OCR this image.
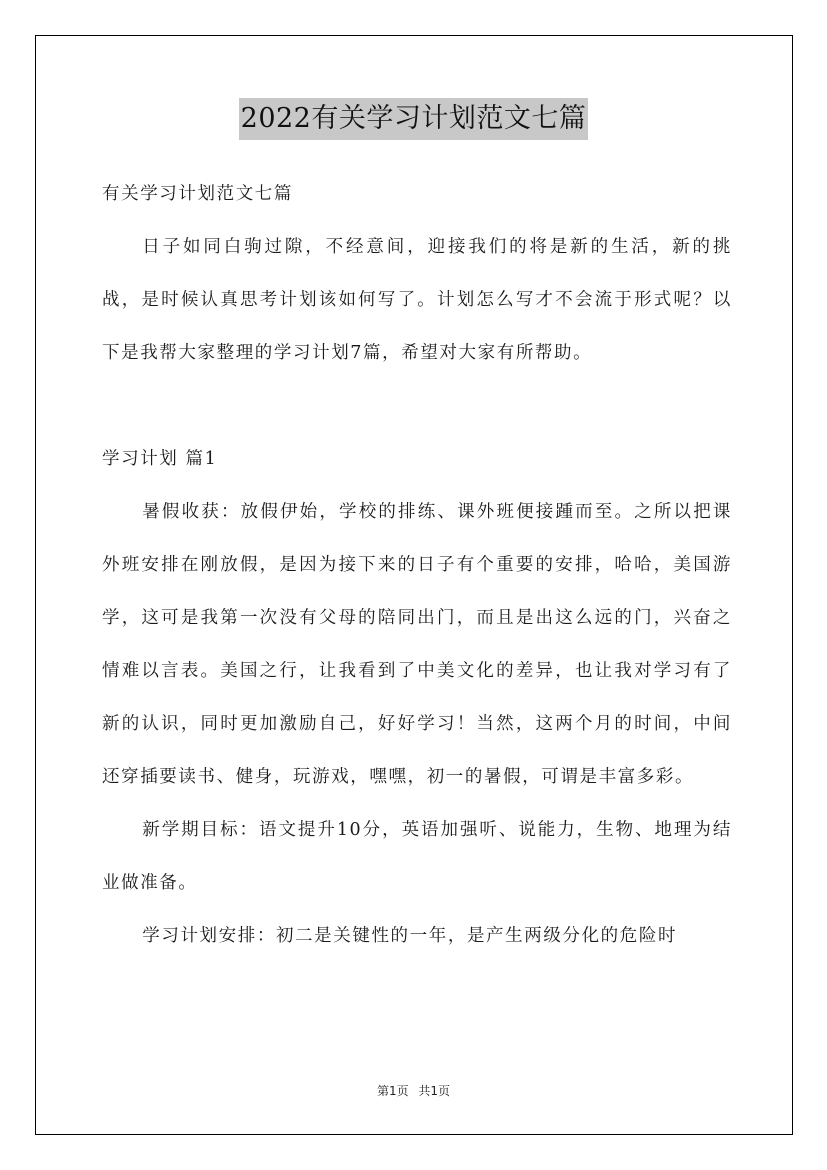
2022有关学习计划范文七篇

有关学习计划范文七篇

日子如同白驹过隙，不经意间，迎接我们的将是新的生活，新的挑战，是时候认真思考计划该如何写了。计划怎么写才不会流于形式呢？以下是我帮大家整理的学习计划7篇，希望对大家有所帮助。

学习计划 篇1

暑假收获：放假伊始，学校的排练、课外班便接踵而至。之所以把课外班安排在刚放假，是因为接下来的日子有个重要的安排，哈哈，美国游学，这可是我第一次没有父母的陪同出门，而且是出这么远的门，兴奋之情难以言表。美国之行，让我看到了中美文化的差异，也让我对学习有了新的认识，同时更加激励自己，好好学习！当然，这两个月的时间，中间还穿插要读书、健身，玩游戏，嘿嘿，初一的暑假，可谓是丰富多彩。

新学期目标：语文提升10分，英语加强听、说能力，生物、地理为结业做准备。

学习计划安排：初二是关键性的一年，是产生两级分化的危险时

第1页 共1页
